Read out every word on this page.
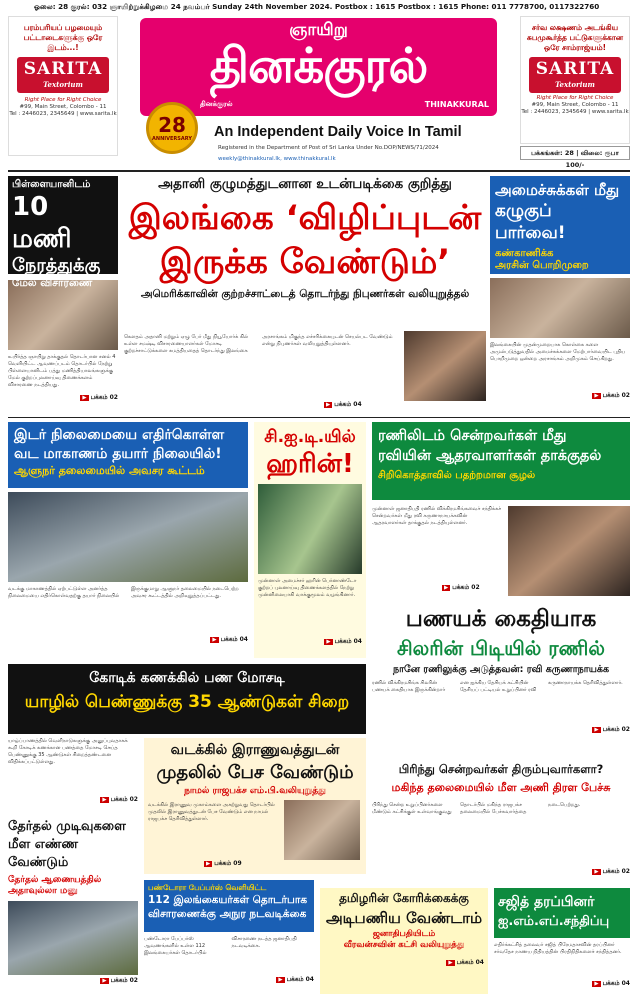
ஓலை: 28 குரல்: 032 ஞாயிற்றுக்கிழமை 24 நவம்பர் Sunday 24th November 2024. Postbox : 1615 Postbox : 1615 Phone: 011 7778700, 0117322760
பரம்பரியப் பழமையும் பட்டாடைகளுக்கு ஒரே இடம்...!
SARITA
Textorium
Right Place for Right Choice
#99, Main Street, Colombo - 11
Tel : 2446023, 2345649 | www.sarita.lk
ஞாயிறு
தினக்குரல்
தினக்குரல்	THINAKKURAL
28
ANNIVERSARY An Independent Daily Voice In Tamil
Registered in the Department of Post of Sri Lanka Under No.DOP/NEWS/71/2024
weekly@thinakkural.lk, www.thinakkural.lk
சர்வ லக்ஷணம் அடங்கிய சுபமுகூர்த்த பட்டுகளுக்கான ஒரே சாம்ராஜ்யம்!
SARITA
Textorium
Right Place for Right Choice
#99, Main Street, Colombo - 11
Tel : 2446023, 2345649 | www.sarita.lk
பக்கங்கள்: 28 | விலை: ரூபா 100/-
பிள்ளையானிடம்
10 மணி
நேரத்துக்கு
மேல் விசாரணை
உயிர்த்த ஞாயிறு தாக்குதல் தொடர்பான சனல் 4 வெளியிட்ட ஆவணப்படம் தொடர்பில் நேற்று பிள்ளையானிடம் பத்து மணித்தியாலங்களுக்கு மேல் குற்றப்புலனாய்வு திணைக்களம் விசாரணை நடத்தியது.
▶ பக்கம் 02
அதானி குழுமத்துடனான உடன்படிக்கை குறித்து
இலங்கை ‘விழிப்புடன்
இருக்க வேண்டும்’
அமெரிக்காவின் குற்றச்சாட்டைத் தொடர்ந்து நிபுணர்கள் வலியுறுத்தல்
கௌதம் அதானி மற்றும் ஏழு பேர் மீது நியூயோர்க் கில் உள்ள சமஷ்டி விசாரணையாளர்கள் மோசடி குற்றச்சாட்டுக்களை சுமத்தியதைத் தொடர்ந்து இலங்கை அரசாங்கம் மிகுந்த எச்சரிக்கையுடன் செயல்பட வேண்டும் என்று நிபுணர்கள் வலியுறுத்தியுள்ளனர்.
▶ பக்கம் 04
அமைச்சுக்கள் மீது
கழுகுப் பார்வை!
கண்காணிக்க
அரசின் பொறிமுறை
இலங்கையின் முதன்முறையாக கொள்கை களை அமுல்படுத்துவதில் அமைச்சுக்களை மேற்பார்வையிட புதிய பொறிமுறை ஒன்றை அரசாங்கம் அறிமுகம் செய்கிறது.
▶ பக்கம் 02
இடர் நிலைமையை எதிர்கொள்ள
வட மாகாணம் தயார் நிலையில்!
ஆளுநர் தலைமையில் அவசர கூட்டம்
வடக்கு மாகாணத்தில் ஏற்பட்டுள்ள அனர்த்த நிலைமையை எதிர்கொள்வதற்கு தயார் நிலையில் இருக்குமாறு ஆளுநர் தலைமையில் நடைபெற்ற அவசர கூட்டத்தில் அறிவுறுத்தப்பட்டது.
▶ பக்கம் 04
சி.ஐ.டி.யில்
ஹரின்!
முன்னாள் அமைச்சர் ஹரின் பெர்னாண்டோ குற்றப் புலனாய்வு திணைக்களத்தில் நேற்று முன்னிலையாகி வாக்குமூலம் வழங்கினார்.
▶ பக்கம் 04
ரணிலிடம் சென்றவர்கள் மீது
ரவியின் ஆதரவாளர்கள் தாக்குதல்
சிறிகொத்தாவில் பதற்றமான சூழல்
முன்னாள் ஜனாதிபதி ரணில் விக்கிரமசிங்கவைச் சந்திக்கச் சென்றவர்கள் மீது ரவி கருணாநாயக்கவின் ஆதரவாளர்கள் தாக்குதல் நடத்தியுள்ளனர்.
▶ பக்கம் 02
பணயக் கைதியாக
சிலரின் பிடியில் ரணில்
நானே ரணிலுக்கு அடுத்தவன்: ரவி கருணாநாயக்க
ரணில் விக்கிரமசிங்க சிலரின் பணயக் கைதியாக இருக்கின்றார் என ஐக்கிய தேசியக் கட்சியின் தேசியப் பட்டியல் உறுப்பினர் ரவி கருணாநாயக்க தெரிவித்துள்ளார்.
▶ பக்கம் 02
கோடிக் கணக்கில் பண மோசடி
யாழில் பெண்ணுக்கு 35 ஆண்டுகள் சிறை
யாழ்ப்பாணத்தில் வெளிநாடுகளுக்கு அனுப்புவதாகக் கூறி கோடிக் கணக்கான பணத்தை மோசடி செய்த பெண்ணுக்கு 35 ஆண்டுகள் சிறைத்தண்டனை விதிக்கப்பட்டுள்ளது.
▶ பக்கம் 02
வடக்கில் இராணுவத்துடன்
முதலில் பேச வேண்டும்
நாமல் ராஜபக்ச எம்.பி.வலியுறுத்து
வடக்கில் இராணுவ முகாம்களை அகற்றுவது தொடர்பில் முதலில் இராணுவத்துடன் பேச வேண்டும் என நாமல் ராஜபக்ச தெரிவித்துள்ளார்.
▶ பக்கம் 09
பிரிந்து சென்றவர்கள் திரும்புவார்களா?
மகிந்த தலைமையில் மீள அணி திரள பேச்சு
பிரிந்து சென்ற உறுப்பினர்களை மீண்டும் கட்சிக்குள் உள்வாங்குவது தொடர்பில் மகிந்த ராஜபக்ச தலைமையில் பேச்சுவார்த்தை நடைபெற்றது.
▶ பக்கம் 02
தேர்தல் முடிவுகளை
மீள எண்ண வேண்டும்
தேர்தல் ஆணையத்தில்
அதாவுல்லா மனு
▶ பக்கம் 02
பண்டோரா பேப்பர்ஸ் வெளியிட்ட
112 இலங்கையர்கள் தொடர்பாக
விசாரணைக்கு அநுர நடவடிக்கை
பண்டோரா பேப்பர்ஸ் ஆவணங்களில் உள்ள 112 இலங்கையர்கள் தொடர்பில் விசாரணை நடத்த ஜனாதிபதி நடவடிக்கை.
▶ பக்கம் 04
தமிழரின் கோரிக்கைக்கு
அடிபணிய வேண்டாம்
ஜனாதிபதியிடம்
வீரவன்சவின் கட்சி வலியுறுத்து
▶ பக்கம் 04
சஜித் தரப்பினர்
ஐ.எம்.எப்.சந்திப்பு
எதிர்க்கட்சித் தலைவர் சஜித் பிரேமதாசவின் தரப்பினர் சர்வதேச நாணய நிதியத்தின் பிரதிநிதிகளைச் சந்தித்தனர்.
▶ பக்கம் 04
